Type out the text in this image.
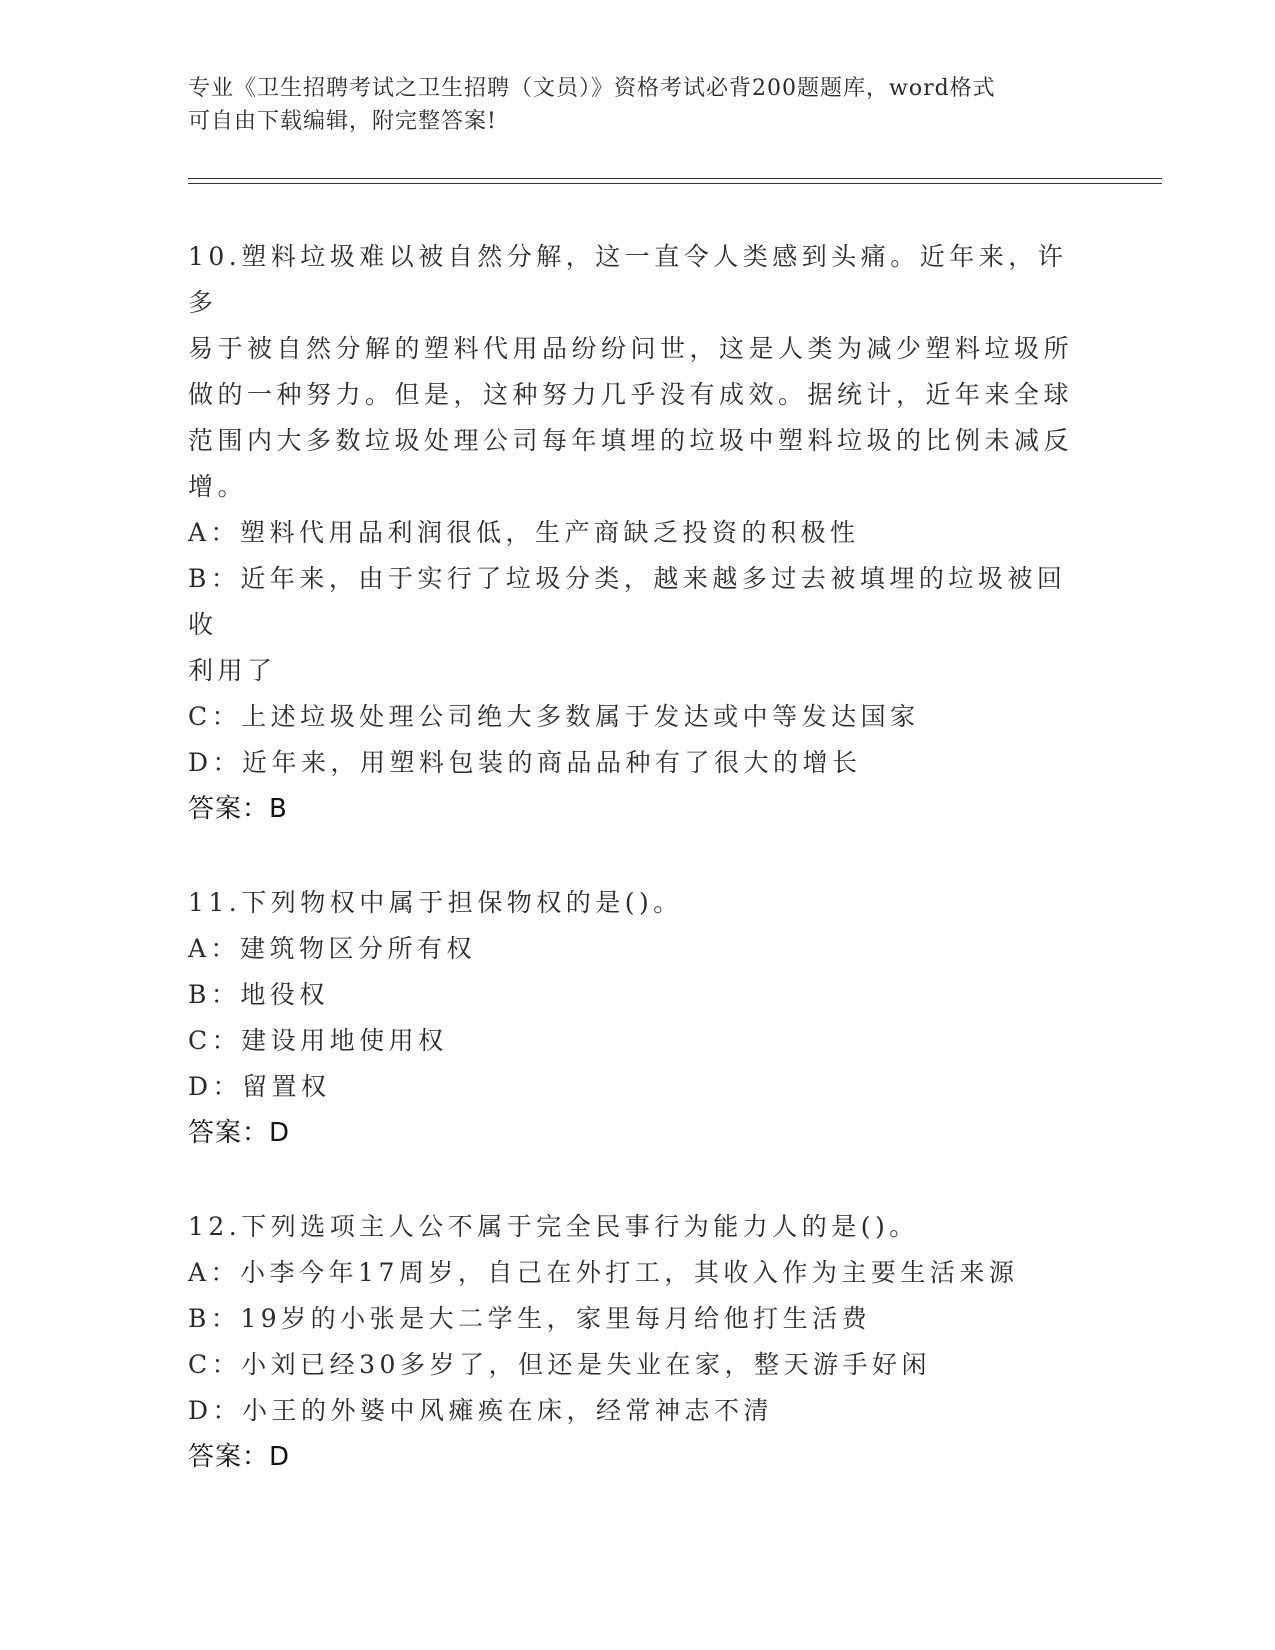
专业《卫生招聘考试之卫生招聘（文员）》资格考试必背200题题库，word格式
可自由下载编辑，附完整答案!
10.塑料垃圾难以被自然分解，这一直令人类感到头痛。近年来，许多
易于被自然分解的塑料代用品纷纷问世，这是人类为减少塑料垃圾所
做的一种努力。但是，这种努力几乎没有成效。据统计，近年来全球
范围内大多数垃圾处理公司每年填埋的垃圾中塑料垃圾的比例未减反
增。
A：塑料代用品利润很低，生产商缺乏投资的积极性
B：近年来，由于实行了垃圾分类，越来越多过去被填埋的垃圾被回收
利用了
C：上述垃圾处理公司绝大多数属于发达或中等发达国家
D：近年来，用塑料包装的商品品种有了很大的增长
答案：B
11.下列物权中属于担保物权的是()。
A：建筑物区分所有权
B：地役权
C：建设用地使用权
D：留置权
答案：D
12.下列选项主人公不属于完全民事行为能力人的是()。
A：小李今年17周岁，自己在外打工，其收入作为主要生活来源
B：19岁的小张是大二学生，家里每月给他打生活费
C：小刘已经30多岁了，但还是失业在家，整天游手好闲
D：小王的外婆中风瘫痪在床，经常神志不清
答案：D
